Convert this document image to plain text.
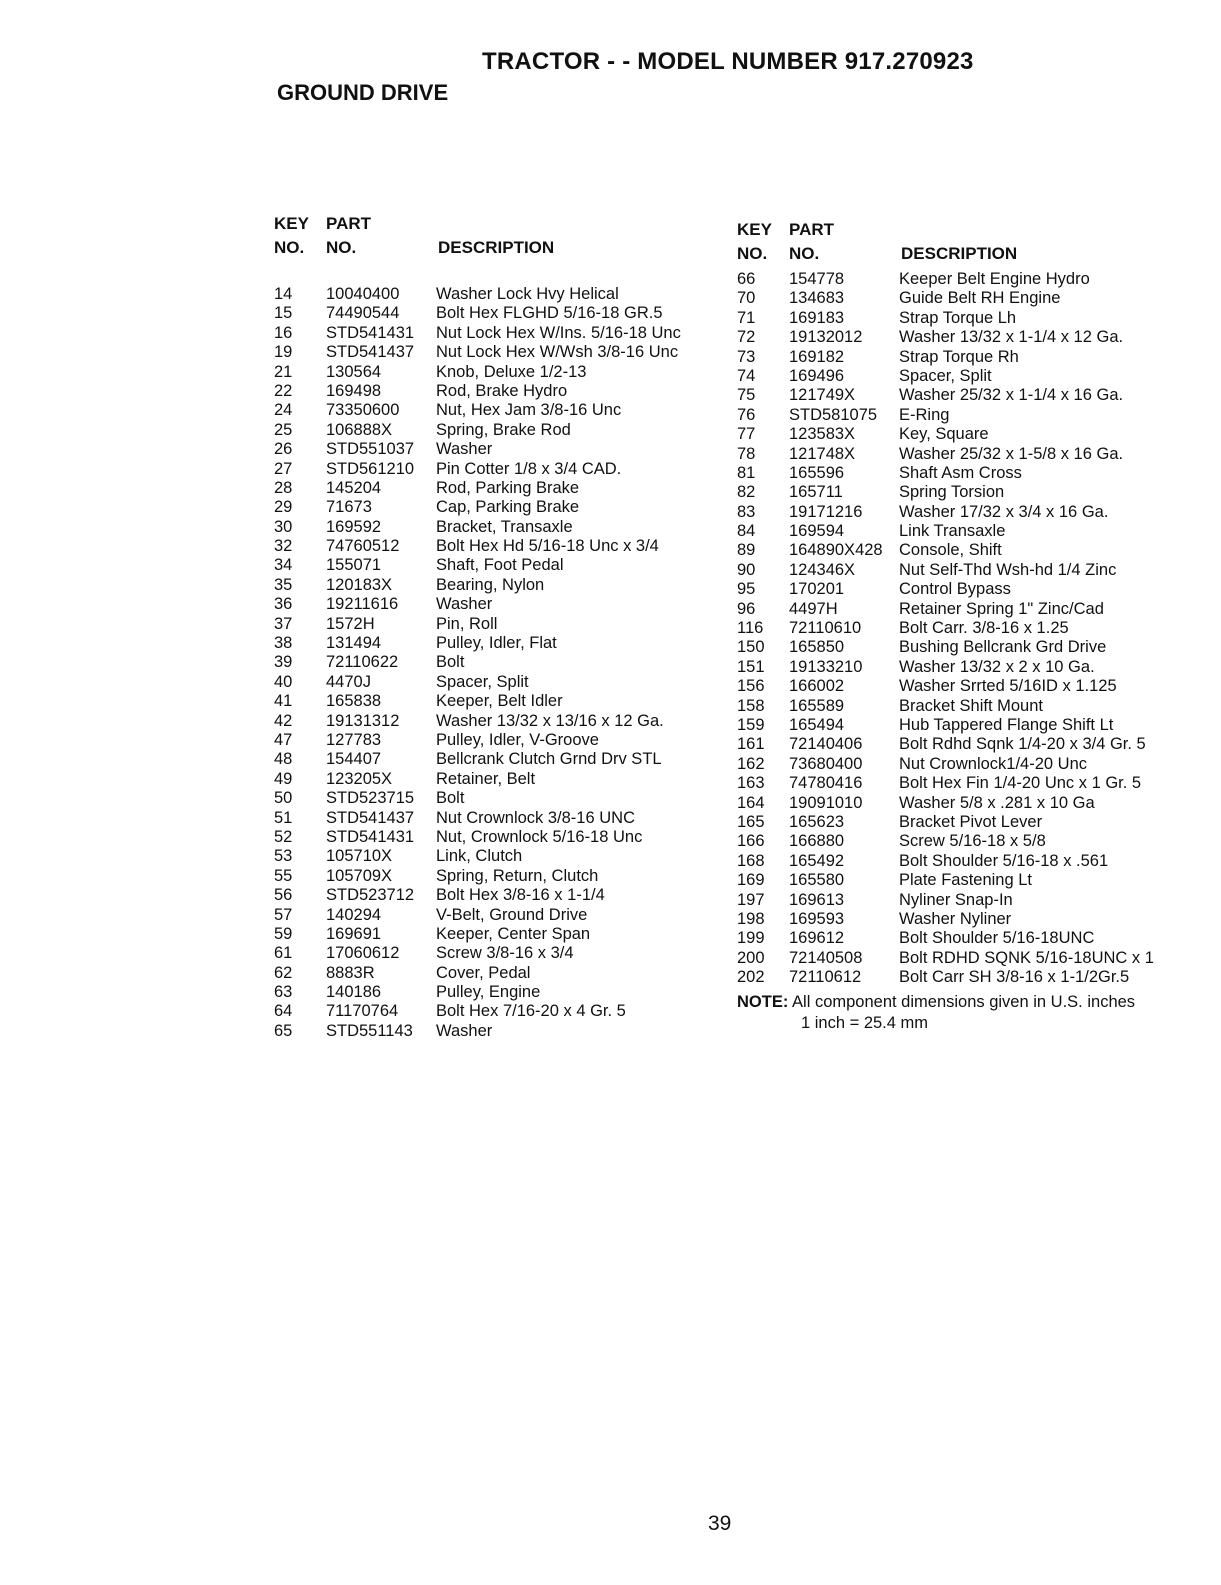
TRACTOR - - MODEL NUMBER 917.270923
GROUND DRIVE
KEY PART
NO. NO.	DESCRIPTION
14 10040400 Washer Lock Hvy Helical
15 74490544 Bolt Hex FLGHD 5/16-18 GR.5
16 STD541431 Nut Lock Hex W/Ins. 5/16-18 Unc
19 STD541437 Nut Lock Hex W/Wsh 3/8-16 Unc
21 130564	Knob, Deluxe 1/2-13
22 169498	Rod, Brake Hydro
24 73350600 Nut, Hex Jam 3/8-16 Unc
25 106888X	Spring, Brake Rod
26 STD551037 Washer
27 STD561210 Pin Cotter 1/8 x 3/4 CAD.
28 145204	Rod, Parking Brake
29 71673	Cap, Parking Brake
30 169592	Bracket, Transaxle
32 74760512 Bolt Hex Hd 5/16-18 Unc x 3/4
34 155071	Shaft, Foot Pedal
35 120183X	Bearing, Nylon
36 19211616 Washer
37 1572H	Pin, Roll
38 131494	Pulley, Idler, Flat
39 72110622 Bolt
40 4470J	Spacer, Split
41 165838	Keeper, Belt Idler
42 19131312 Washer 13/32 x 13/16 x 12 Ga.
47 127783	Pulley, Idler, V-Groove
48 154407	Bellcrank Clutch Grnd Drv STL
49 123205X	Retainer, Belt
50 STD523715 Bolt
51 STD541437 Nut Crownlock 3/8-16 UNC
52 STD541431 Nut, Crownlock 5/16-18 Unc
53 105710X	Link, Clutch
55 105709X	Spring, Return, Clutch
56 STD523712 Bolt Hex 3/8-16 x 1-1/4
57 140294	V-Belt, Ground Drive
59 169691	Keeper, Center Span
61 17060612 Screw 3/8-16 x 3/4
62 8883R	Cover, Pedal
63 140186	Pulley, Engine
64 71170764 Bolt Hex 7/16-20 x 4 Gr. 5
65 STD551143 Washer
KEY PART
NO. NO.	DESCRIPTION
66 154778	Keeper Belt Engine Hydro
70 134683	Guide Belt RH Engine
71 169183	Strap Torque Lh
72 19132012 Washer 13/32 x 1-1/4 x 12 Ga.
73 169182	Strap Torque Rh
74 169496	Spacer, Split
75 121749X	Washer 25/32 x 1-1/4 x 16 Ga.
76 STD581075 E-Ring
77 123583X	Key, Square
78 121748X	Washer 25/32 x 1-5/8 x 16 Ga.
81 165596	Shaft Asm Cross
82 165711	Spring Torsion
83 19171216 Washer 17/32 x 3/4 x 16 Ga.
84 169594	Link Transaxle
89 164890X428 Console, Shift
90 124346X	Nut Self-Thd Wsh-hd 1/4 Zinc
95 170201	Control Bypass
96 4497H	Retainer Spring 1" Zinc/Cad
116 72110610 Bolt Carr. 3/8-16 x 1.25
150 165850	Bushing Bellcrank Grd Drive
151 19133210 Washer 13/32 x 2 x 10 Ga.
156 166002	Washer Srrted 5/16ID x 1.125
158 165589	Bracket Shift Mount
159 165494	Hub Tappered Flange Shift Lt
161 72140406 Bolt Rdhd Sqnk 1/4-20 x 3/4 Gr. 5
162 73680400 Nut Crownlock1/4-20 Unc
163 74780416 Bolt Hex Fin 1/4-20 Unc x 1 Gr. 5
164 19091010 Washer 5/8 x .281 x 10 Ga
165 165623	Bracket Pivot Lever
166 166880	Screw 5/16-18 x 5/8
168 165492	Bolt Shoulder 5/16-18 x .561
169 165580	Plate Fastening Lt
197 169613	Nyliner Snap-In
198 169593	Washer Nyliner
199 169612	Bolt Shoulder 5/16-18UNC
200 72140508 Bolt RDHD SQNK 5/16-18UNC x 1
202 72110612 Bolt Carr SH 3/8-16 x 1-1/2Gr.5
NOTE: All component dimensions given in U.S. inches
1 inch = 25.4 mm
39
